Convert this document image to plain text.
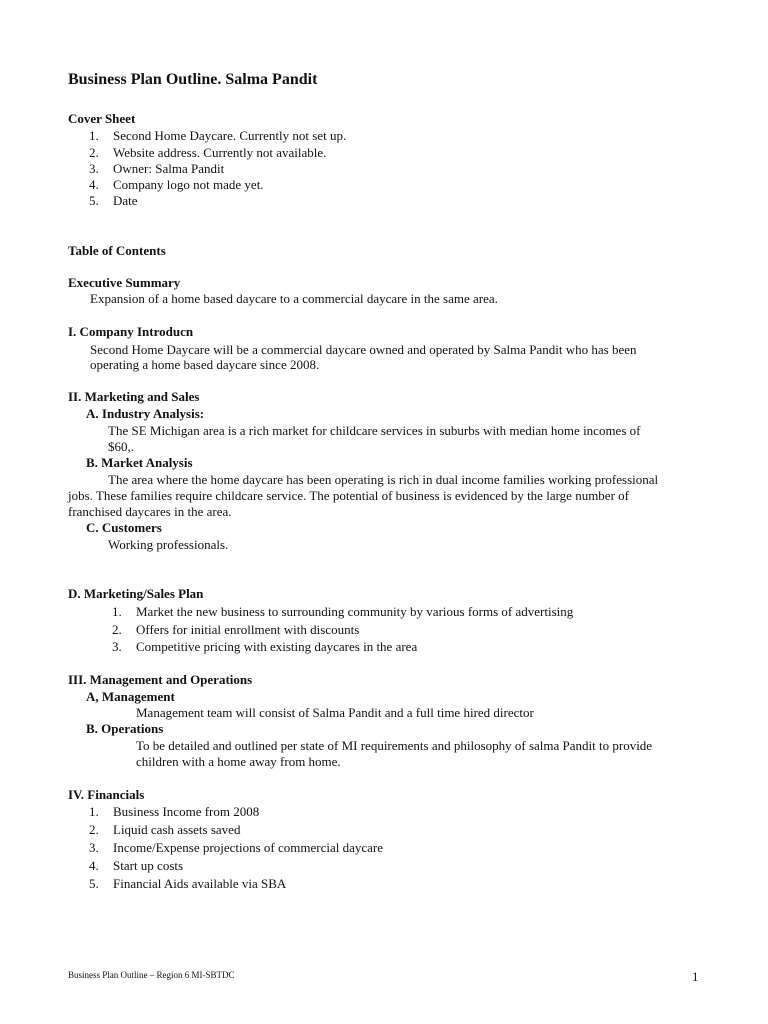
Business Plan Outline. Salma Pandit
Cover Sheet
1. Second Home Daycare. Currently not set up.
2. Website address. Currently not available.
3. Owner: Salma Pandit
4. Company logo not made yet.
5. Date
Table of Contents
Executive Summary
Expansion of a home based daycare to a commercial daycare in the same area.
I. Company Introducn
Second Home Daycare will be a commercial daycare owned and operated by Salma Pandit who has been
operating a home based daycare since 2008.
II. Marketing and Sales
A. Industry Analysis:
The SE Michigan area is a rich market for childcare services in suburbs with median home incomes of
$60,.
B. Market Analysis
The area where the home daycare has been operating is rich in dual income families working professional
jobs. These families require childcare service. The potential of business is evidenced by the large number of
franchised daycares in the area.
C. Customers
Working professionals.
D. Marketing/Sales Plan
1. Market the new business to surrounding community by various forms of advertising
2. Offers for initial enrollment with discounts
3. Competitive pricing with existing daycares in the area
III. Management and Operations
A, Management
Management team will consist of Salma Pandit and a full time hired director
B. Operations
To be detailed and outlined per state of MI requirements and philosophy of salma Pandit to provide
children with a home away from home.
IV. Financials
1. Business Income from 2008
2. Liquid cash assets saved
3. Income/Expense projections of commercial daycare
4. Start up costs
5. Financial Aids available via SBA
Business Plan Outline – Region 6 MI-SBTDC	1
